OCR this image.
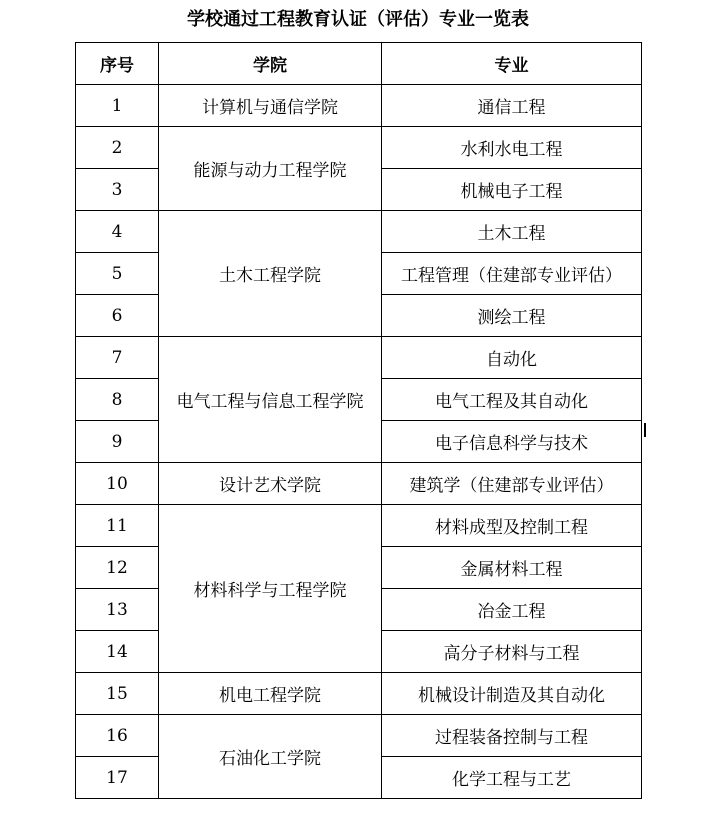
学校通过工程教育认证（评估）专业一览表
序号	学院	专业
1	计算机与通信学院	通信工程
2	能源与动力工程学院	水利水电工程
3		机械电子工程
4	土木工程学院	土木工程
5		工程管理（住建部专业评估）
6		测绘工程
7	电气工程与信息工程学院	自动化
8		电气工程及其自动化
9		电子信息科学与技术
10	设计艺术学院	建筑学（住建部专业评估）
11	材料科学与工程学院	材料成型及控制工程
12		金属材料工程
13		冶金工程
14		高分子材料与工程
15	机电工程学院	机械设计制造及其自动化
16	石油化工学院	过程装备控制与工程
17		化学工程与工艺
